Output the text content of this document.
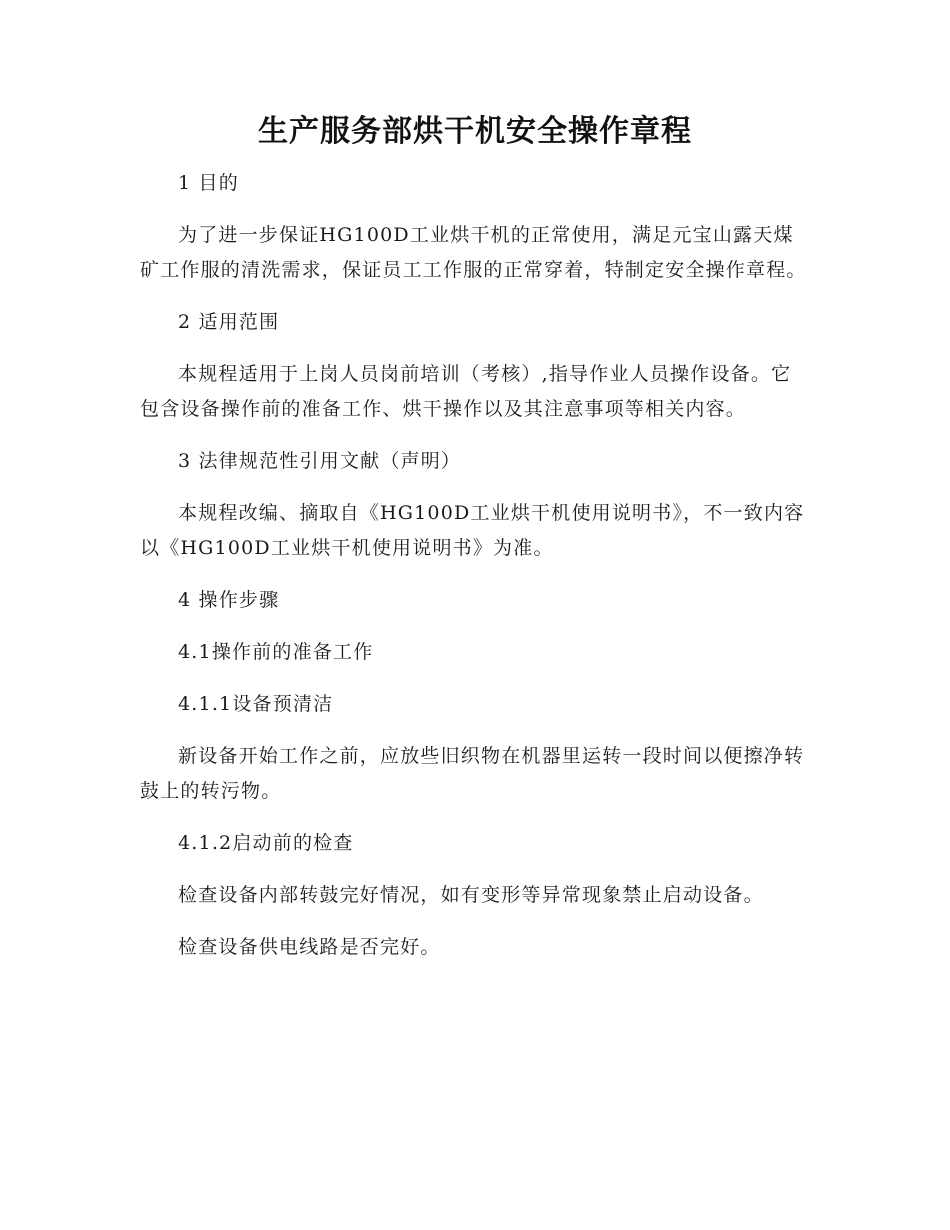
生产服务部烘干机安全操作章程

1 目的

为了进一步保证HG100D工业烘干机的正常使用，满足元宝山露天煤矿工作服的清洗需求，保证员工工作服的正常穿着，特制定安全操作章程。

2 适用范围

本规程适用于上岗人员岗前培训（考核）,指导作业人员操作设备。它包含设备操作前的准备工作、烘干操作以及其注意事项等相关内容。

3 法律规范性引用文献（声明）

本规程改编、摘取自《HG100D工业烘干机使用说明书》，不一致内容以《HG100D工业烘干机使用说明书》为准。

4 操作步骤

4.1操作前的准备工作

4.1.1设备预清洁

新设备开始工作之前，应放些旧织物在机器里运转一段时间以便擦净转鼓上的转污物。

4.1.2启动前的检查

检查设备内部转鼓完好情况，如有变形等异常现象禁止启动设备。

检查设备供电线路是否完好。
